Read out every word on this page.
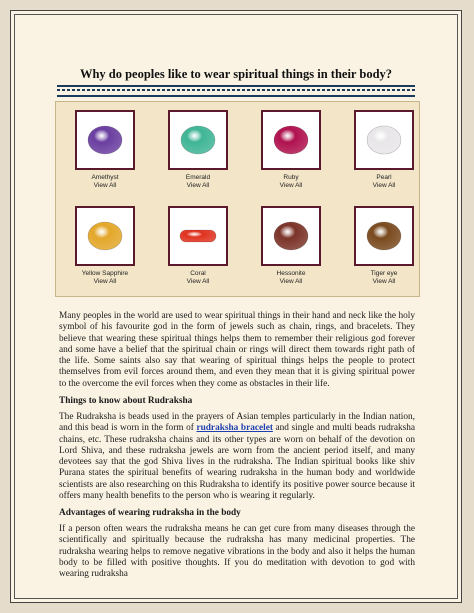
Why do peoples like to wear spiritual things in their body?
Amethyst
View All
Emerald
View All
Ruby
View All
Pearl
View All
Yellow Sapphire
View All
Coral
View All
Hessonite
View All
Tiger eye
View All

Many peoples in the world are used to wear spiritual things in their hand and neck like the holy symbol of his favourite god in the form of jewels such as chain, rings, and bracelets. They believe that wearing these spiritual things helps them to remember their religious god forever and some have a belief that the spiritual chain or rings will direct them towards right path of the life. Some saints also say that wearing of spiritual things helps the people to protect themselves from evil forces around them, and even they mean that it is giving spiritual power to the overcome the evil forces when they come as obstacles in their life.

Things to know about Rudraksha

The Rudraksha is beads used in the prayers of Asian temples particularly in the Indian nation, and this bead is worn in the form of rudraksha bracelet and single and multi beads rudraksha chains, etc. These rudraksha chains and its other types are worn on behalf of the devotion on Lord Shiva, and these rudraksha jewels are worn from the ancient period itself, and many devotees say that the god Shiva lives in the rudraksha. The Indian spiritual books like shiv Purana states the spiritual benefits of wearing rudraksha in the human body and worldwide scientists are also researching on this Rudraksha to identify its positive power source because it offers many health benefits to the person who is wearing it regularly.

Advantages of wearing rudraksha in the body

If a person often wears the rudraksha means he can get cure from many diseases through the scientifically and spiritually because the rudraksha has many medicinal properties. The rudraksha wearing helps to remove negative vibrations in the body and also it helps the human body to be filled with positive thoughts. If you do meditation with devotion to god with wearing rudraksha
